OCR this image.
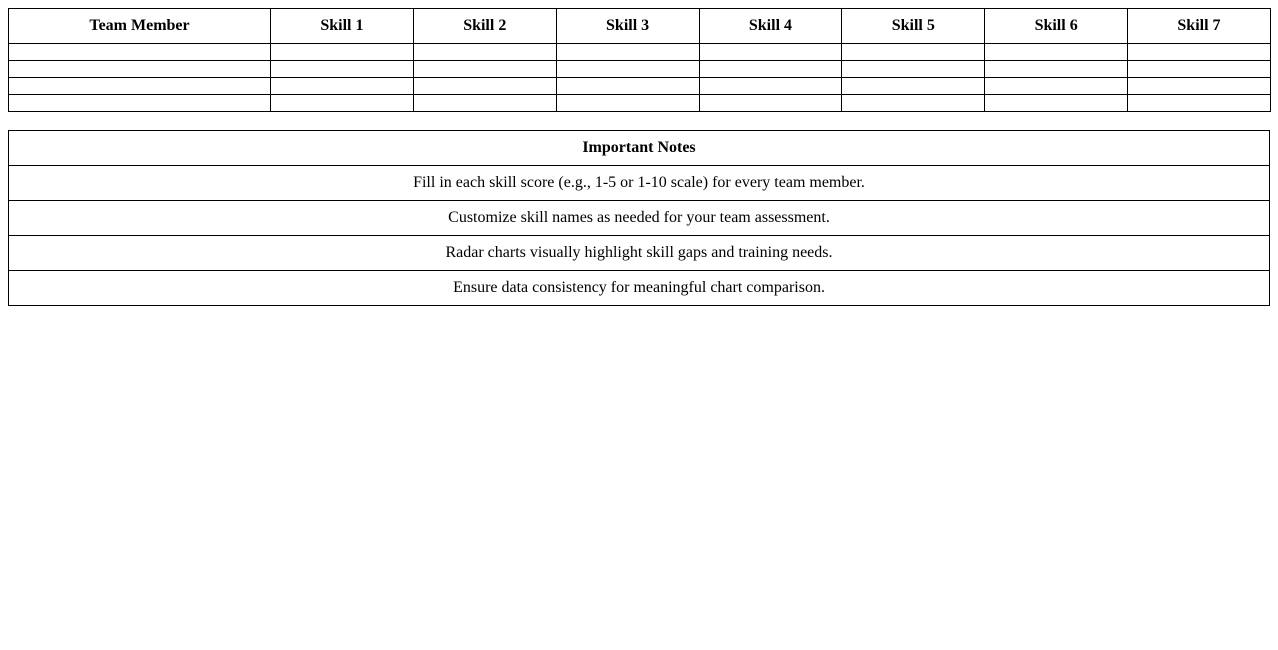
Team Member	Skill 1	Skill 2	Skill 3	Skill 4	Skill 5	Skill 6	Skill 7

Important Notes
Fill in each skill score (e.g., 1-5 or 1-10 scale) for every team member.
Customize skill names as needed for your team assessment.
Radar charts visually highlight skill gaps and training needs.
Ensure data consistency for meaningful chart comparison.
